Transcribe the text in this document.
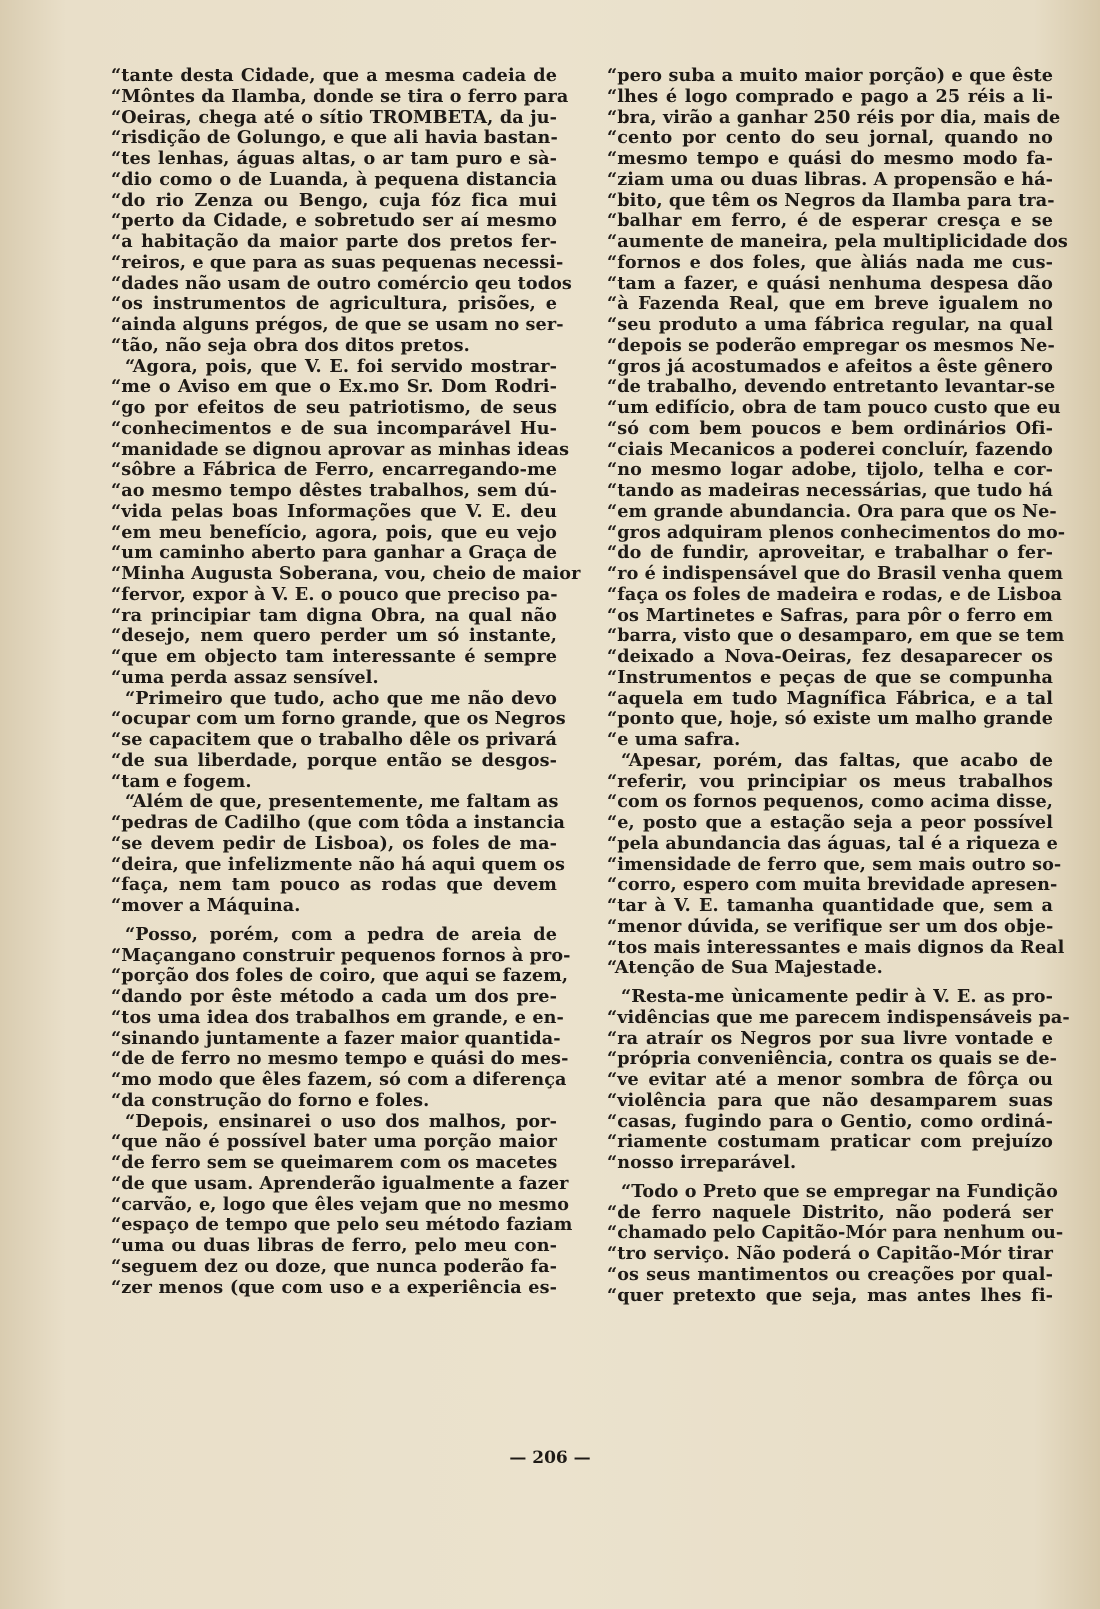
“tante desta Cidade, que a mesma cadeia de
“Môntes da Ilamba, donde se tira o ferro para
“Oeiras, chega até o sítio TROMBETA, da ju-
“risdição de Golungo, e que ali havia bastan-
“tes lenhas, águas altas, o ar tam puro e sà-
“dio como o de Luanda, à pequena distancia
“do rio Zenza ou Bengo, cuja fóz fica mui
“perto da Cidade, e sobretudo ser aí mesmo
“a habitação da maior parte dos pretos fer-
“reiros, e que para as suas pequenas necessi-
“dades não usam de outro comércio qeu todos
“os instrumentos de agricultura, prisões, e
“ainda alguns prégos, de que se usam no ser-
“tão, não seja obra dos ditos pretos.
“Agora, pois, que V. E. foi servido mostrar-
“me o Aviso em que o Ex.mo Sr. Dom Rodri-
“go por efeitos de seu patriotismo, de seus
“conhecimentos e de sua incomparável Hu-
“manidade se dignou aprovar as minhas ideas
“sôbre a Fábrica de Ferro, encarregando-me
“ao mesmo tempo dêstes trabalhos, sem dú-
“vida pelas boas Informações que V. E. deu
“em meu benefício, agora, pois, que eu vejo
“um caminho aberto para ganhar a Graça de
“Minha Augusta Soberana, vou, cheio de maior
“fervor, expor à V. E. o pouco que preciso pa-
“ra principiar tam digna Obra, na qual não
“desejo, nem quero perder um só instante,
“que em objecto tam interessante é sempre
“uma perda assaz sensível.
“Primeiro que tudo, acho que me não devo
“ocupar com um forno grande, que os Negros
“se capacitem que o trabalho dêle os privará
“de sua liberdade, porque então se desgos-
“tam e fogem.
“Além de que, presentemente, me faltam as
“pedras de Cadilho (que com tôda a instancia
“se devem pedir de Lisboa), os foles de ma-
“deira, que infelizmente não há aqui quem os
“faça, nem tam pouco as rodas que devem
“mover a Máquina.
“Posso, porém, com a pedra de areia de
“Maçangano construir pequenos fornos à pro-
“porção dos foles de coiro, que aqui se fazem,
“dando por êste método a cada um dos pre-
“tos uma idea dos trabalhos em grande, e en-
“sinando juntamente a fazer maior quantida-
“de de ferro no mesmo tempo e quási do mes-
“mo modo que êles fazem, só com a diferença
“da construção do forno e foles.
“Depois, ensinarei o uso dos malhos, por-
“que não é possível bater uma porção maior
“de ferro sem se queimarem com os macetes
“de que usam. Aprenderão igualmente a fazer
“carvão, e, logo que êles vejam que no mesmo
“espaço de tempo que pelo seu método faziam
“uma ou duas libras de ferro, pelo meu con-
“seguem dez ou doze, que nunca poderão fa-
“zer menos (que com uso e a experiência es-
“pero suba a muito maior porção) e que êste
“lhes é logo comprado e pago a 25 réis a li-
“bra, virão a ganhar 250 réis por dia, mais de
“cento por cento do seu jornal, quando no
“mesmo tempo e quási do mesmo modo fa-
“ziam uma ou duas libras. A propensão e há-
“bito, que têm os Negros da Ilamba para tra-
“balhar em ferro, é de esperar cresça e se
“aumente de maneira, pela multiplicidade dos
“fornos e dos foles, que àliás nada me cus-
“tam a fazer, e quási nenhuma despesa dão
“à Fazenda Real, que em breve igualem no
“seu produto a uma fábrica regular, na qual
“depois se poderão empregar os mesmos Ne-
“gros já acostumados e afeitos a êste gênero
“de trabalho, devendo entretanto levantar-se
“um edifício, obra de tam pouco custo que eu
“só com bem poucos e bem ordinários Ofi-
“ciais Mecanicos a poderei concluír, fazendo
“no mesmo logar adobe, tijolo, telha e cor-
“tando as madeiras necessárias, que tudo há
“em grande abundancia. Ora para que os Ne-
“gros adquiram plenos conhecimentos do mo-
“do de fundir, aproveitar, e trabalhar o fer-
“ro é indispensável que do Brasil venha quem
“faça os foles de madeira e rodas, e de Lisboa
“os Martinetes e Safras, para pôr o ferro em
“barra, visto que o desamparo, em que se tem
“deixado a Nova-Oeiras, fez desaparecer os
“Instrumentos e peças de que se compunha
“aquela em tudo Magnífica Fábrica, e a tal
“ponto que, hoje, só existe um malho grande
“e uma safra.
“Apesar, porém, das faltas, que acabo de
“referir, vou principiar os meus trabalhos
“com os fornos pequenos, como acima disse,
“e, posto que a estação seja a peor possível
“pela abundancia das águas, tal é a riqueza e
“imensidade de ferro que, sem mais outro so-
“corro, espero com muita brevidade apresen-
“tar à V. E. tamanha quantidade que, sem a
“menor dúvida, se verifique ser um dos obje-
“tos mais interessantes e mais dignos da Real
“Atenção de Sua Majestade.
“Resta-me ùnicamente pedir à V. E. as pro-
“vidências que me parecem indispensáveis pa-
“ra atraír os Negros por sua livre vontade e
“própria conveniência, contra os quais se de-
“ve evitar até a menor sombra de fôrça ou
“violência para que não desamparem suas
“casas, fugindo para o Gentio, como ordiná-
“riamente costumam praticar com prejuízo
“nosso irreparável.
“Todo o Preto que se empregar na Fundição
“de ferro naquele Distrito, não poderá ser
“chamado pelo Capitão-Mór para nenhum ou-
“tro serviço. Não poderá o Capitão-Mór tirar
“os seus mantimentos ou creações por qual-
“quer pretexto que seja, mas antes lhes fi-
— 206 —
